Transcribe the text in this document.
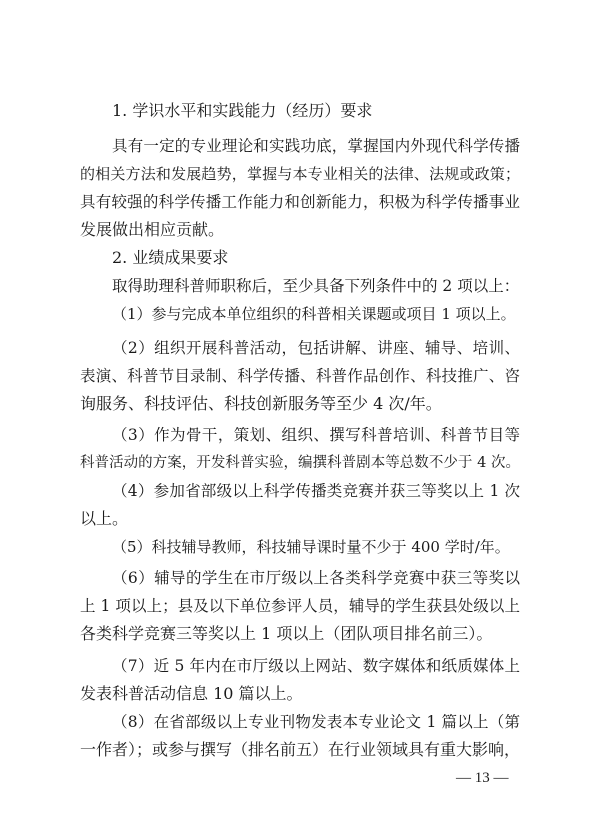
1. 学识水平和实践能力（经历）要求
具有一定的专业理论和实践功底，掌握国内外现代科学传播
的相关方法和发展趋势，掌握与本专业相关的法律、法规或政策；
具有较强的科学传播工作能力和创新能力，积极为科学传播事业
发展做出相应贡献。
2. 业绩成果要求
取得助理科普师职称后，至少具备下列条件中的 2 项以上：
（1）参与完成本单位组织的科普相关课题或项目 1 项以上。
（2）组织开展科普活动，包括讲解、讲座、辅导、培训、
表演、科普节目录制、科学传播、科普作品创作、科技推广、咨
询服务、科技评估、科技创新服务等至少 4 次/年。
（3）作为骨干，策划、组织、撰写科普培训、科普节目等
科普活动的方案，开发科普实验，编撰科普剧本等总数不少于 4 次。
（4）参加省部级以上科学传播类竞赛并获三等奖以上 1 次
以上。
（5）科技辅导教师，科技辅导课时量不少于 400 学时/年。
（6）辅导的学生在市厅级以上各类科学竞赛中获三等奖以
上 1 项以上；县及以下单位参评人员，辅导的学生获县处级以上
各类科学竞赛三等奖以上 1 项以上（团队项目排名前三）。
（7）近 5 年内在市厅级以上网站、数字媒体和纸质媒体上
发表科普活动信息 10 篇以上。
（8）在省部级以上专业刊物发表本专业论文 1 篇以上（第
一作者）；或参与撰写（排名前五）在行业领域具有重大影响，
— 13 —
